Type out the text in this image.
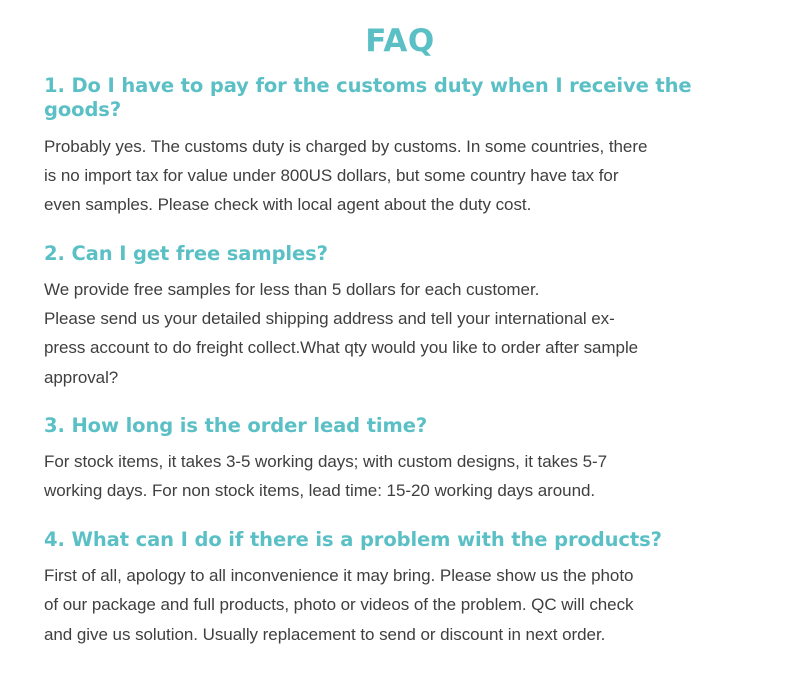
FAQ
1. Do I have to pay for the customs duty when I receive the goods?
Probably yes. The customs duty is charged by customs. In some countries, there
is no import tax for value under 800US dollars, but some country have tax for
even samples. Please check with local agent about the duty cost.
2. Can I get free samples?
We provide free samples for less than 5 dollars for each customer.
Please send us your detailed shipping address and tell your international ex-
press account to do freight collect.What qty would you like to order after sample
approval?
3. How long is the order lead time?
For stock items, it takes 3-5 working days; with custom designs, it takes 5-7
working days. For non stock items, lead time: 15-20 working days around.
4. What can I do if there is a problem with the products?
First of all, apology to all inconvenience it may bring. Please show us the photo
of our package and full products, photo or videos of the problem. QC will check
and give us solution. Usually replacement to send or discount in next order.
